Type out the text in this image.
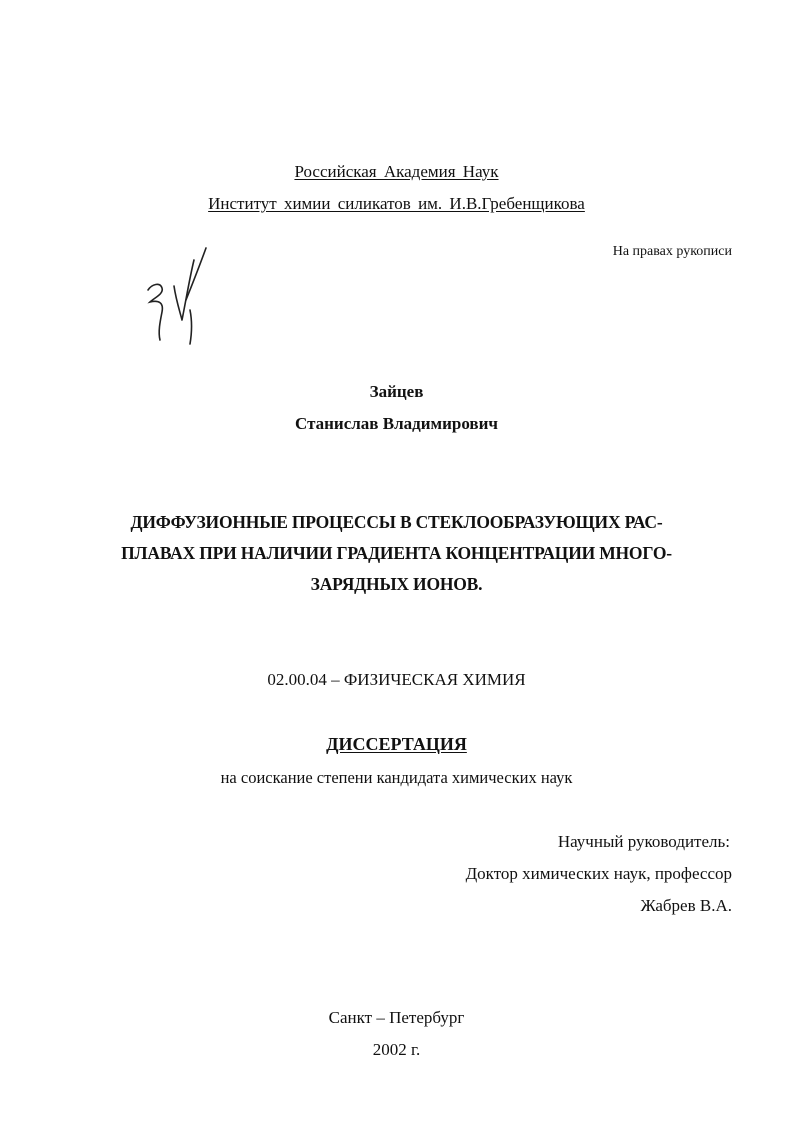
Российская Академия Наук
Институт химии силикатов им. И.В.Гребенщикова
На правах рукописи
Зайцев
Станислав Владимирович
ДИФФУЗИОННЫЕ ПРОЦЕССЫ В СТЕКЛООБРАЗУЮЩИХ РАС-
ПЛАВАХ ПРИ НАЛИЧИИ ГРАДИЕНТА КОНЦЕНТРАЦИИ МНОГО-
ЗАРЯДНЫХ ИОНОВ.
02.00.04 – ФИЗИЧЕСКАЯ ХИМИЯ
ДИССЕРТАЦИЯ
на соискание степени кандидата химических наук
Научный руководитель:
Доктор химических наук, профессор
Жабрев В.А.
Санкт – Петербург
2002 г.
